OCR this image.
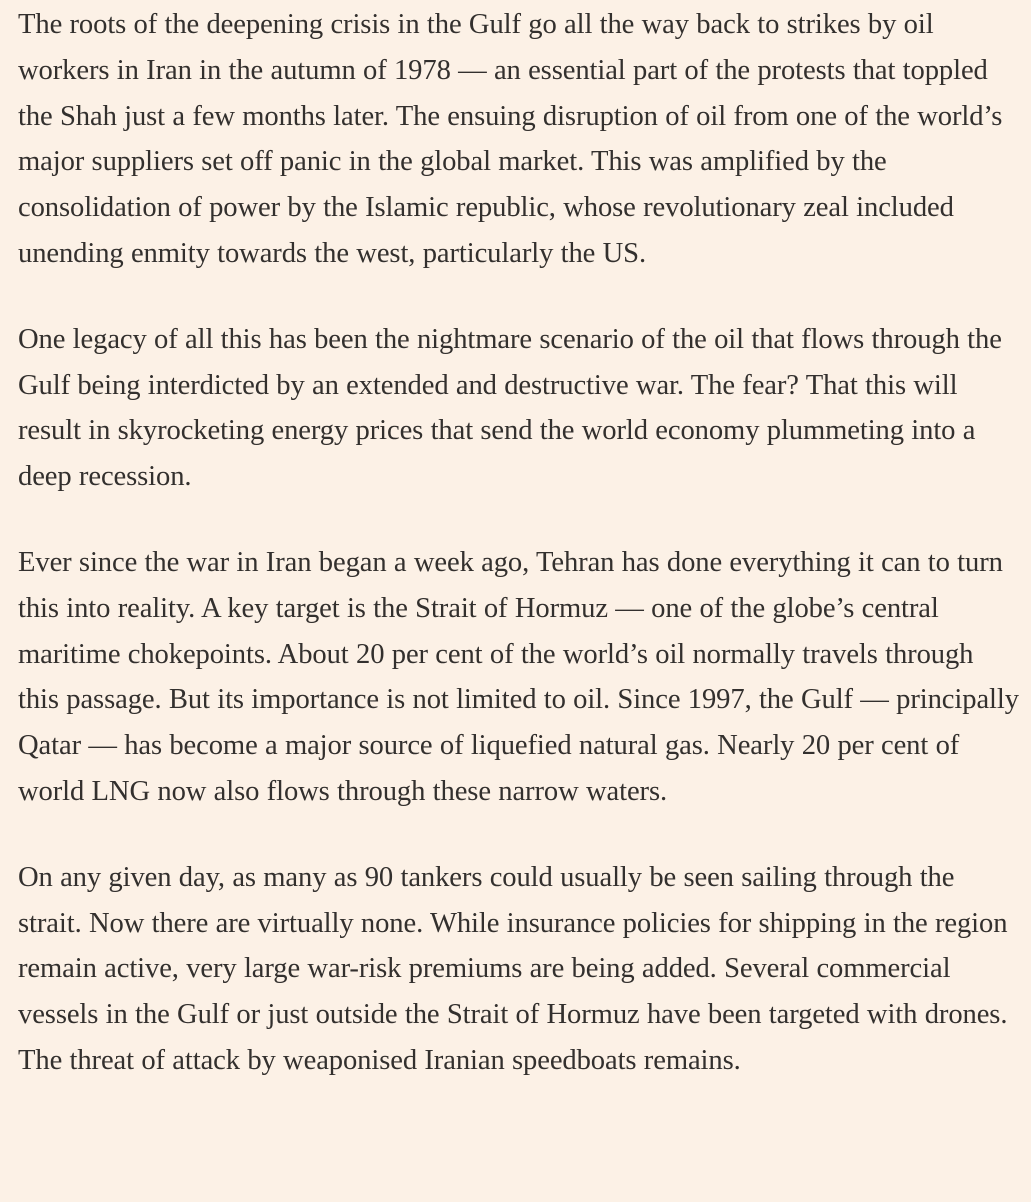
The roots of the deepening crisis in the Gulf go all the way back to strikes by oil workers in Iran in the autumn of 1978 — an essential part of the protests that toppled the Shah just a few months later. The ensuing disruption of oil from one of the world’s major suppliers set off panic in the global market. This was amplified by the consolidation of power by the Islamic republic, whose revolutionary zeal included unending enmity towards the west, particularly the US.

One legacy of all this has been the nightmare scenario of the oil that flows through the Gulf being interdicted by an extended and destructive war. The fear? That this will result in skyrocketing energy prices that send the world economy plummeting into a deep recession.

Ever since the war in Iran began a week ago, Tehran has done everything it can to turn this into reality. A key target is the Strait of Hormuz — one of the globe’s central maritime chokepoints. About 20 per cent of the world’s oil normally travels through this passage. But its importance is not limited to oil. Since 1997, the Gulf — principally Qatar — has become a major source of liquefied natural gas. Nearly 20 per cent of world LNG now also flows through these narrow waters.

On any given day, as many as 90 tankers could usually be seen sailing through the strait. Now there are virtually none. While insurance policies for shipping in the region remain active, very large war-risk premiums are being added. Several commercial vessels in the Gulf or just outside the Strait of Hormuz have been targeted with drones. The threat of attack by weaponised Iranian speedboats remains.
